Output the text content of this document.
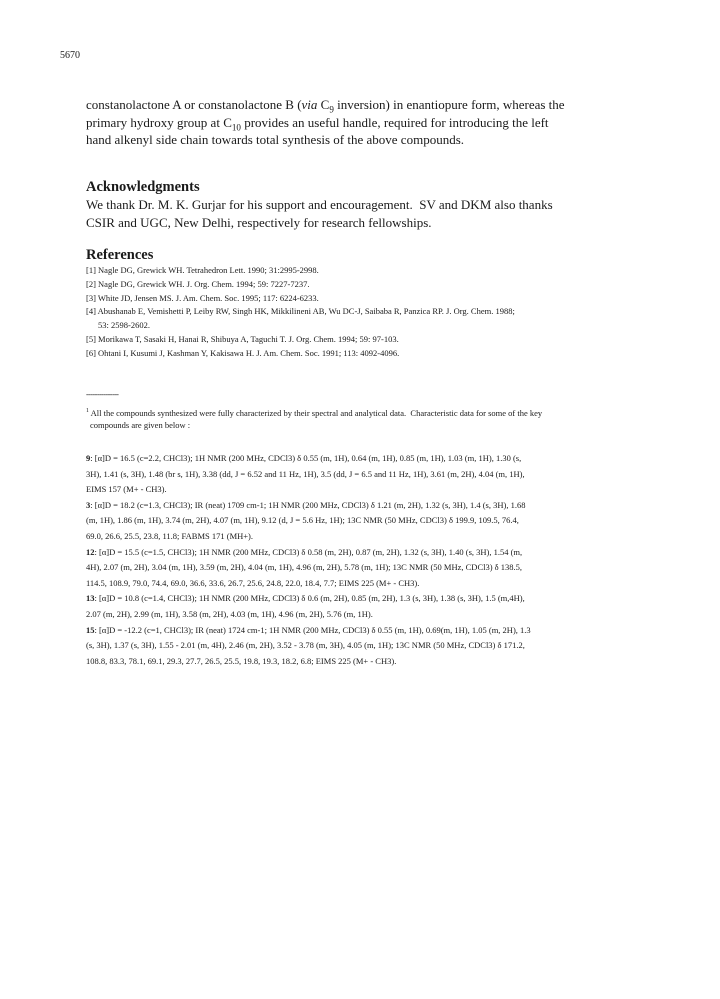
5670
constanolactone A or constanolactone B (via $C_9$ inversion) in enantiopure form, whereas the
primary hydroxy group at $C_{10}$ provides an useful handle, required for introducing the left
hand alkenyl side chain towards total synthesis of the above compounds.
Acknowledgments
We thank Dr. M. K. Gurjar for his support and encouragement.  SV and DKM also thanks
CSIR and UGC, New Delhi, respectively for research fellowships.
References
[1] Nagle DG, Grewick WH. Tetrahedron Lett. 1990; 31:2995-2998.
[2] Nagle DG, Grewick WH. J. Org. Chem. 1994; 59: 7227-7237.
[3] White JD, Jensen MS. J. Am. Chem. Soc. 1995; 117: 6224-6233.
[4] Abushanab E, Vemishetti P, Leiby RW, Singh HK, Mikkilineni AB, Wu DC-J, Saibaba R, Panzica RP. J. Org. Chem. 1988;
53: 2598-2602.
[5] Morikawa T, Sasaki H, Hanai R, Shibuya A, Taguchi T. J. Org. Chem. 1994; 59: 97-103.
[6] Ohtani I, Kusumi J, Kashman Y, Kakisawa H. J. Am. Chem. Soc. 1991; 113: 4092-4096.
---------------
$^1$ All the compounds synthesized were fully characterized by their spectral and analytical data.  Characteristic data for some of the key
compounds are given below :
9: [α]D = 16.5 (c=2.2, CHCl3); 1H NMR (200 MHz, CDCl3) δ 0.55 (m, 1H), 0.64 (m, 1H), 0.85 (m, 1H), 1.03 (m, 1H), 1.30 (s,
3H), 1.41 (s, 3H), 1.48 (br s, 1H), 3.38 (dd, J = 6.52 and 11 Hz, 1H), 3.5 (dd, J = 6.5 and 11 Hz, 1H), 3.61 (m, 2H), 4.04 (m, 1H),
EIMS 157 (M+ - CH3).
3: [α]D = 18.2 (c=1.3, CHCl3); IR (neat) 1709 cm-1; 1H NMR (200 MHz, CDCl3) δ 1.21 (m, 2H), 1.32 (s, 3H), 1.4 (s, 3H), 1.68
(m, 1H), 1.86 (m, 1H), 3.74 (m, 2H), 4.07 (m, 1H), 9.12 (d, J = 5.6 Hz, 1H); 13C NMR (50 MHz, CDCl3) δ 199.9, 109.5, 76.4,
69.0, 26.6, 25.5, 23.8, 11.8; FABMS 171 (MH+).
12: [α]D = 15.5 (c=1.5, CHCl3); 1H NMR (200 MHz, CDCl3) δ 0.58 (m, 2H), 0.87 (m, 2H), 1.32 (s, 3H), 1.40 (s, 3H), 1.54 (m,
4H), 2.07 (m, 2H), 3.04 (m, 1H), 3.59 (m, 2H), 4.04 (m, 1H), 4.96 (m, 2H), 5.78 (m, 1H); 13C NMR (50 MHz, CDCl3) δ 138.5,
114.5, 108.9, 79.0, 74.4, 69.0, 36.6, 33.6, 26.7, 25.6, 24.8, 22.0, 18.4, 7.7; EIMS 225 (M+ - CH3).
13: [α]D = 10.8 (c=1.4, CHCl3); 1H NMR (200 MHz, CDCl3) δ 0.6 (m, 2H), 0.85 (m, 2H), 1.3 (s, 3H), 1.38 (s, 3H), 1.5 (m,4H),
2.07 (m, 2H), 2.99 (m, 1H), 3.58 (m, 2H), 4.03 (m, 1H), 4.96 (m, 2H), 5.76 (m, 1H).
15: [α]D = -12.2 (c=1, CHCl3); IR (neat) 1724 cm-1; 1H NMR (200 MHz, CDCl3) δ 0.55 (m, 1H), 0.69(m, 1H), 1.05 (m, 2H), 1.3
(s, 3H), 1.37 (s, 3H), 1.55 - 2.01 (m, 4H), 2.46 (m, 2H), 3.52 - 3.78 (m, 3H), 4.05 (m, 1H); 13C NMR (50 MHz, CDCl3) δ 171.2,
108.8, 83.3, 78.1, 69.1, 29.3, 27.7, 26.5, 25.5, 19.8, 19.3, 18.2, 6.8; EIMS 225 (M+ - CH3).
